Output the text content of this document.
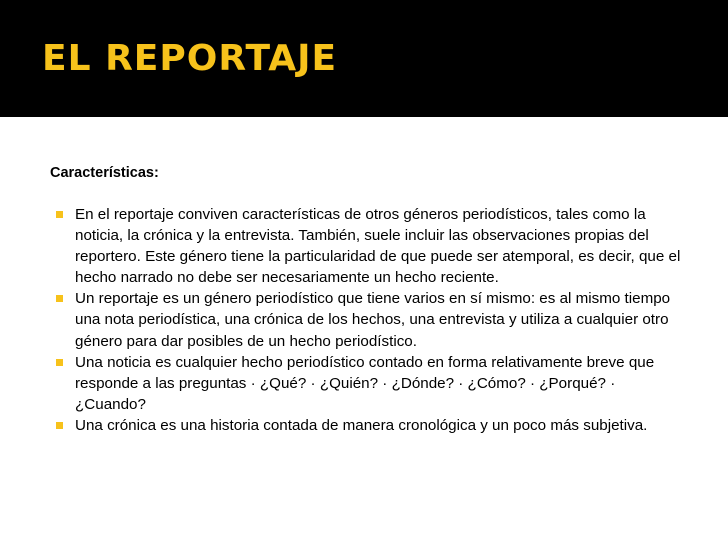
EL REPORTAJE
Características:
En el reportaje conviven características de otros géneros periodísticos, tales como la noticia, la crónica y la entrevista. También, suele incluir las observaciones propias del reportero. Este género tiene la particularidad de que puede ser atemporal, es decir, que el hecho narrado no debe ser necesariamente un hecho reciente.
Un reportaje es un género periodístico que tiene varios en sí mismo: es al mismo tiempo una nota periodística, una crónica de los hechos, una entrevista y utiliza a cualquier otro género para dar posibles de un hecho periodístico.
Una noticia es cualquier hecho periodístico contado en forma relativamente breve que responde a las preguntas · ¿Qué? · ¿Quién? · ¿Dónde? · ¿Cómo? · ¿Porqué? · ¿Cuando?
Una crónica es una historia contada de manera cronológica y un poco más subjetiva.
